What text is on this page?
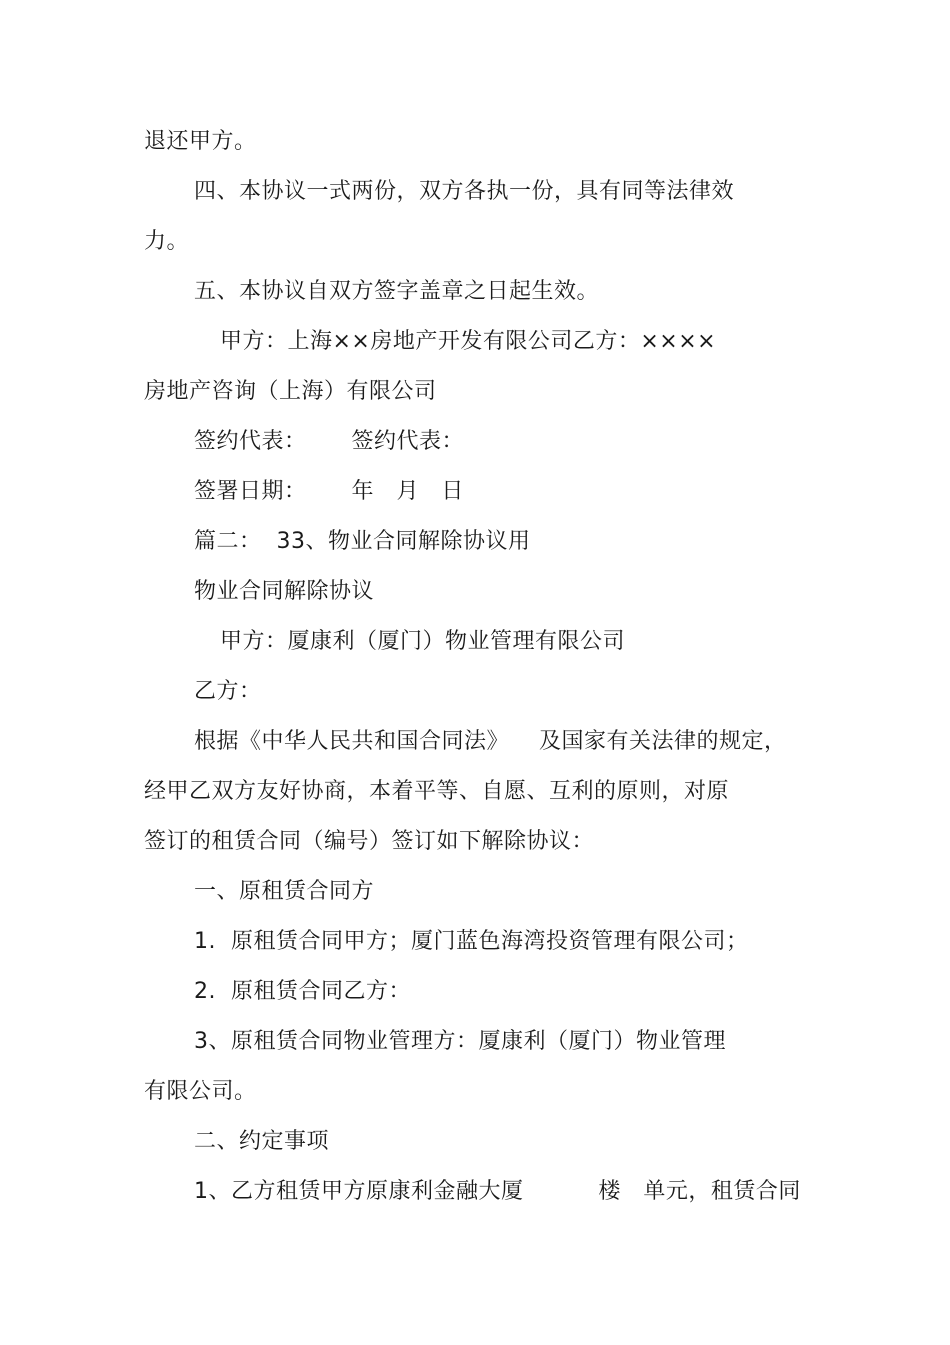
退还甲方。

四、本协议一式两份，双方各执一份，具有同等法律效

力。

五、本协议自双方签字盖章之日起生效。

甲方：上海××房地产开发有限公司乙方：××××

房地产咨询（上海）有限公司

签约代表：      签约代表：

签署日期：      年   月   日

篇二：  33、物业合同解除协议用

物业合同解除协议

甲方：厦康利（厦门）物业管理有限公司

乙方：

根据《中华人民共和国合同法》    及国家有关法律的规定，

经甲乙双方友好协商，本着平等、自愿、互利的原则，对原

签订的租赁合同（编号）签订如下解除协议：

一、原租赁合同方

1.  原租赁合同甲方；厦门蓝色海湾投资管理有限公司；

2.  原租赁合同乙方：

3、原租赁合同物业管理方：厦康利（厦门）物业管理

有限公司。

二、约定事项

1、乙方租赁甲方原康利金融大厦          楼   单元，租赁合同
